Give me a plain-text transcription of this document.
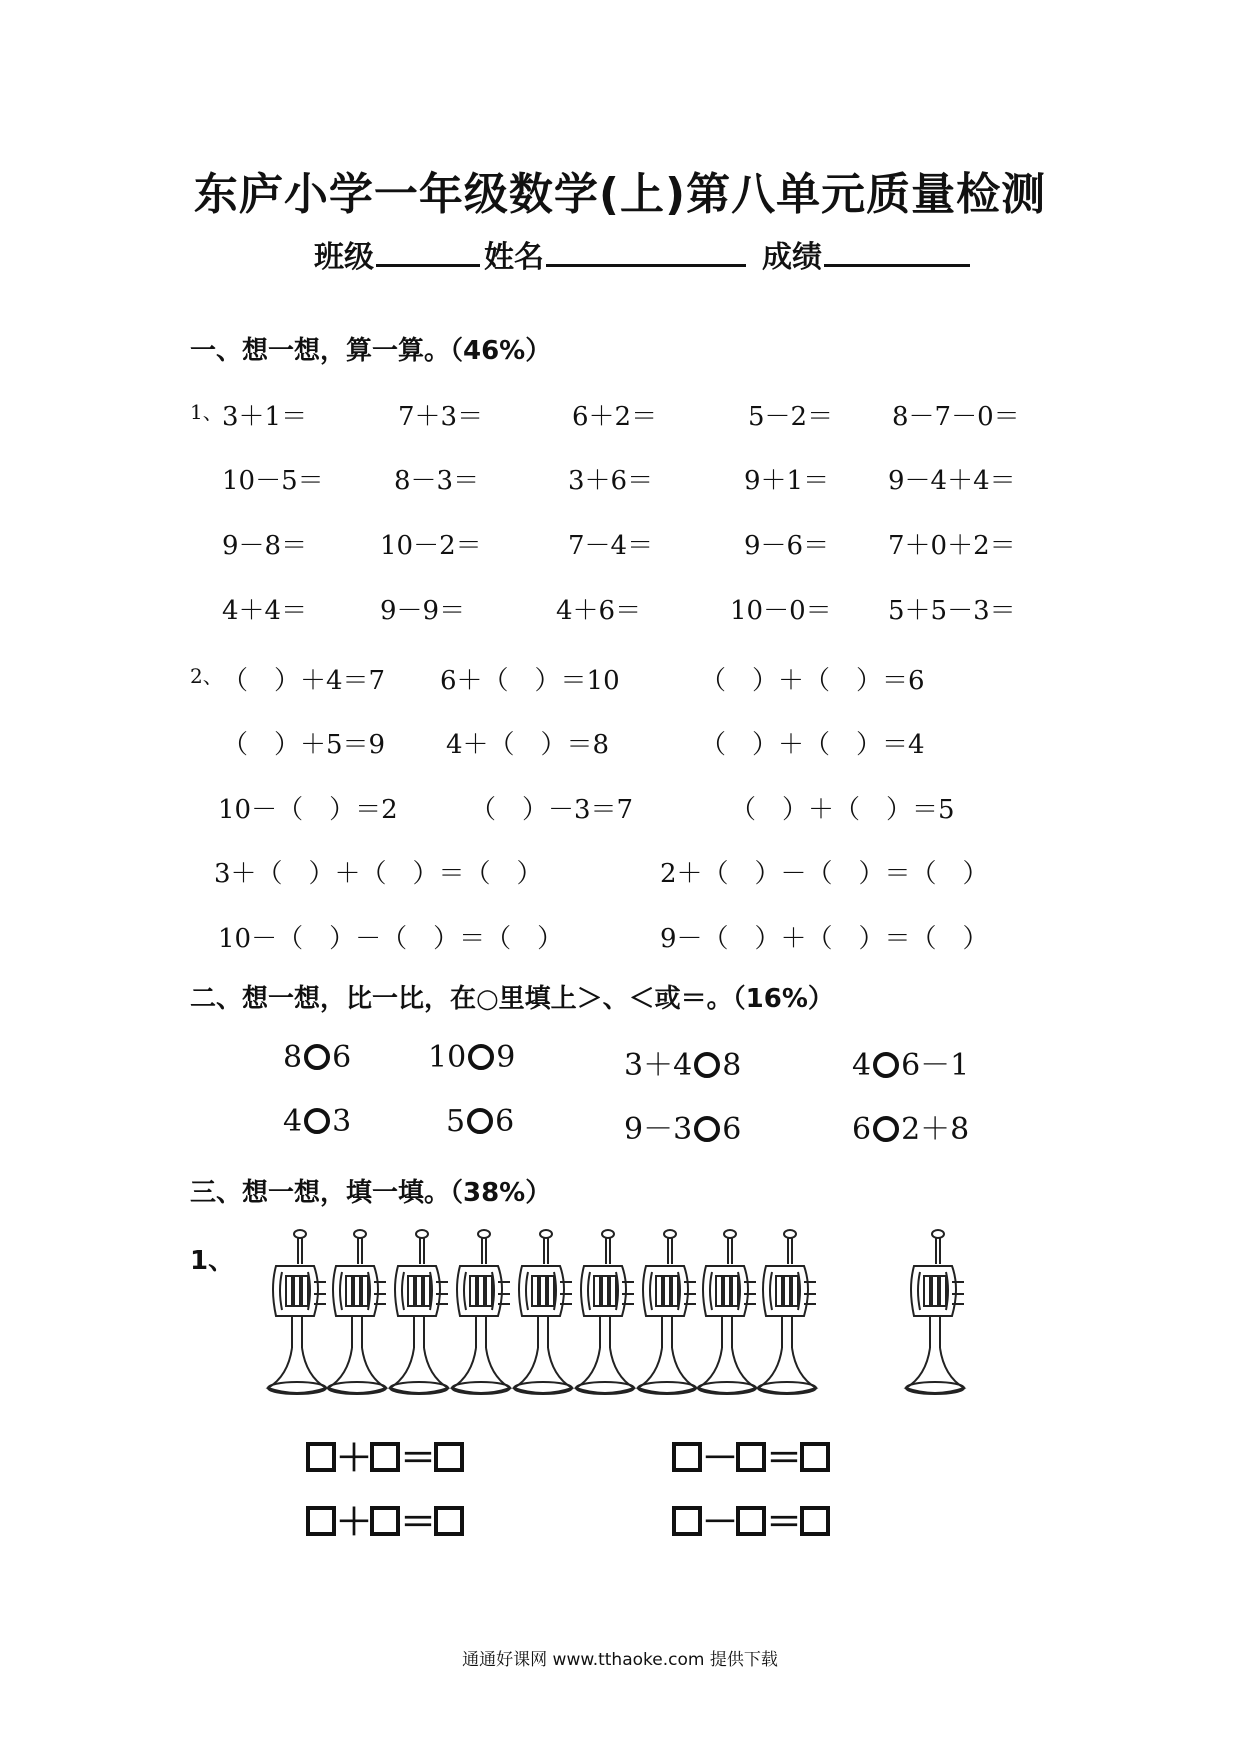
东庐小学一年级数学(上)第八单元质量检测
班级	姓名	成绩
一、想一想，算一算。（46%）
1、 3＋1＝	7＋3＝	6＋2＝	5－2＝ 8－7－0＝
10－5＝	8－3＝	3＋6＝	9＋1＝ 9－4＋4＝
9－8＝	10－2＝	7－4＝	9－6＝ 7＋0＋2＝
4＋4＝	9－9＝	4＋6＝	10－0＝ 5＋5－3＝
2、 （　）＋4＝7 6＋（　）＝10	（　）＋（　）＝6
（　）＋5＝9 4＋（　）＝8	（　）＋（　）＝4
10－（　）＝2	（　）－3＝7	（　）＋（　）＝5
3＋（　）＋（　）＝（　）	2＋（　）－（　）＝（　）
10－（　）－（　）＝（　）	9－（　）＋（　）＝（　）
二、想一想，比一比，在○里填上＞、＜或＝。（16%）
8 6	10 9	3＋4 8	4 6－1
4 3	5 6	9－3 6	6 2＋8
三、想一想，填一填。（38%）
1、
＋ ＝	－ ＝
＋ ＝	－ ＝
通通好课网 www.tthaoke.com 提供下载
